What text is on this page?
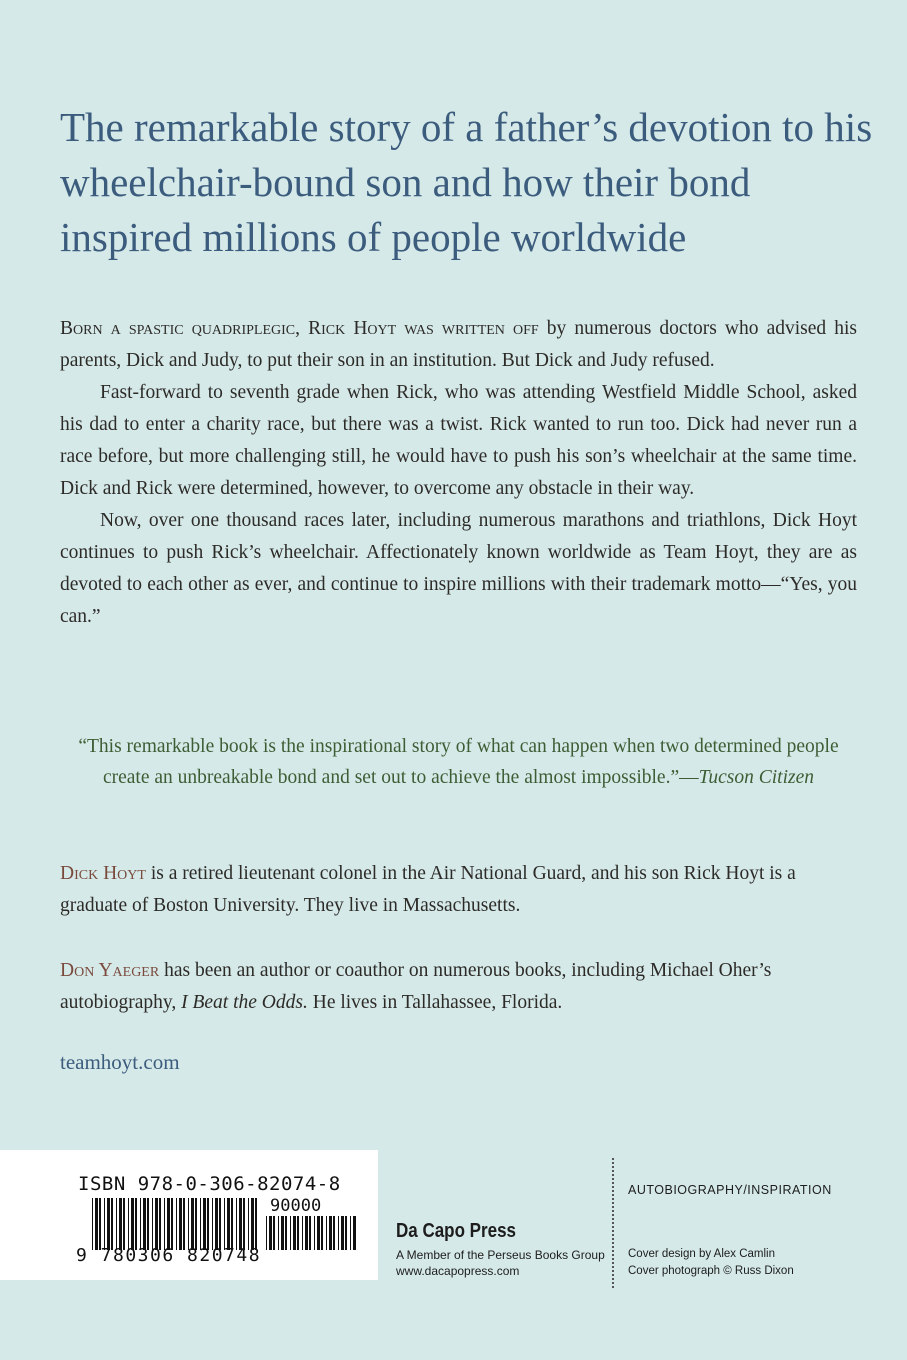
The remarkable story of a father’s devotion to his wheelchair-bound son and how their bond inspired millions of people worldwide

Born a spastic quadriplegic, Rick Hoyt was written off by numerous doctors who advised his parents, Dick and Judy, to put their son in an institution. But Dick and Judy refused.

Fast-forward to seventh grade when Rick, who was attending Westfield Middle School, asked his dad to enter a charity race, but there was a twist. Rick wanted to run too. Dick had never run a race before, but more challenging still, he would have to push his son’s wheelchair at the same time. Dick and Rick were determined, however, to overcome any obstacle in their way.

Now, over one thousand races later, including numerous marathons and triathlons, Dick Hoyt continues to push Rick’s wheelchair. Affectionately known worldwide as Team Hoyt, they are as devoted to each other as ever, and continue to inspire millions with their trademark motto—“Yes, you can.”

“This remarkable book is the inspirational story of what can happen when two determined people create an unbreakable bond and set out to achieve the almost impossible.”—Tucson Citizen

Dick Hoyt is a retired lieutenant colonel in the Air National Guard, and his son Rick Hoyt is a graduate of Boston University. They live in Massachusetts.

Don Yaeger has been an author or coauthor on numerous books, including Michael Oher’s autobiography, I Beat the Odds. He lives in Tallahassee, Florida.

teamhoyt.com
ISBN 978-0-306-82074-8
90000
9 780306 820748
Da Capo Press
A Member of the Perseus Books Group
www.dacapopress.com
AUTOBIOGRAPHY/INSPIRATION
Cover design by Alex Camlin
Cover photograph © Russ Dixon
